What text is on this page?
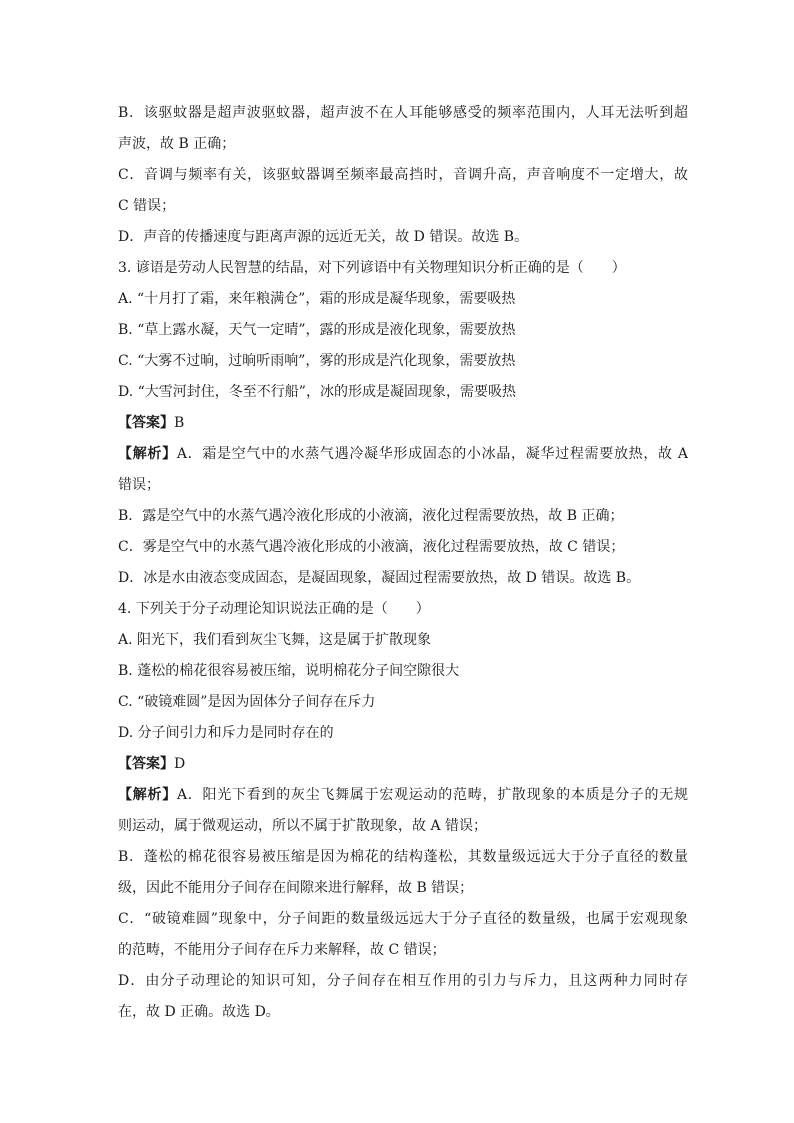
B．该驱蚊器是超声波驱蚊器，超声波不在人耳能够感受的频率范围内，人耳无法听到超
声波，故 B 正确；
C．音调与频率有关，该驱蚊器调至频率最高挡时，音调升高，声音响度不一定增大，故
C 错误；
D．声音的传播速度与距离声源的远近无关，故 D 错误。故选 B。
3. 谚语是劳动人民智慧的结晶，对下列谚语中有关物理知识分析正确的是（　　）
A. “十月打了霜，来年粮满仓”，霜的形成是凝华现象，需要吸热
B. “草上露水凝，天气一定晴”，露的形成是液化现象，需要放热
C. “大雾不过晌，过晌听雨响”，雾的形成是汽化现象，需要放热
D. “大雪河封住，冬至不行船”，冰的形成是凝固现象，需要吸热
【答案】B
【解析】A．霜是空气中的水蒸气遇冷凝华形成固态的小冰晶，凝华过程需要放热，故 A
错误；
B．露是空气中的水蒸气遇冷液化形成的小液滴，液化过程需要放热，故 B 正确；
C．雾是空气中的水蒸气遇冷液化形成的小液滴，液化过程需要放热，故 C 错误；
D．冰是水由液态变成固态，是凝固现象，凝固过程需要放热，故 D 错误。故选 B。
4. 下列关于分子动理论知识说法正确的是（　　）
A. 阳光下，我们看到灰尘飞舞，这是属于扩散现象
B. 蓬松的棉花很容易被压缩，说明棉花分子间空隙很大
C. “破镜难圆”是因为固体分子间存在斥力
D. 分子间引力和斥力是同时存在的
【答案】D
【解析】A．阳光下看到的灰尘飞舞属于宏观运动的范畴，扩散现象的本质是分子的无规
则运动，属于微观运动，所以不属于扩散现象，故 A 错误；
B．蓬松的棉花很容易被压缩是因为棉花的结构蓬松，其数量级远远大于分子直径的数量
级，因此不能用分子间存在间隙来进行解释，故 B 错误；
C．“破镜难圆”现象中，分子间距的数量级远远大于分子直径的数量级，也属于宏观现象
的范畴，不能用分子间存在斥力来解释，故 C 错误；
D．由分子动理论的知识可知，分子间存在相互作用的引力与斥力，且这两种力同时存
在，故 D 正确。故选 D。
